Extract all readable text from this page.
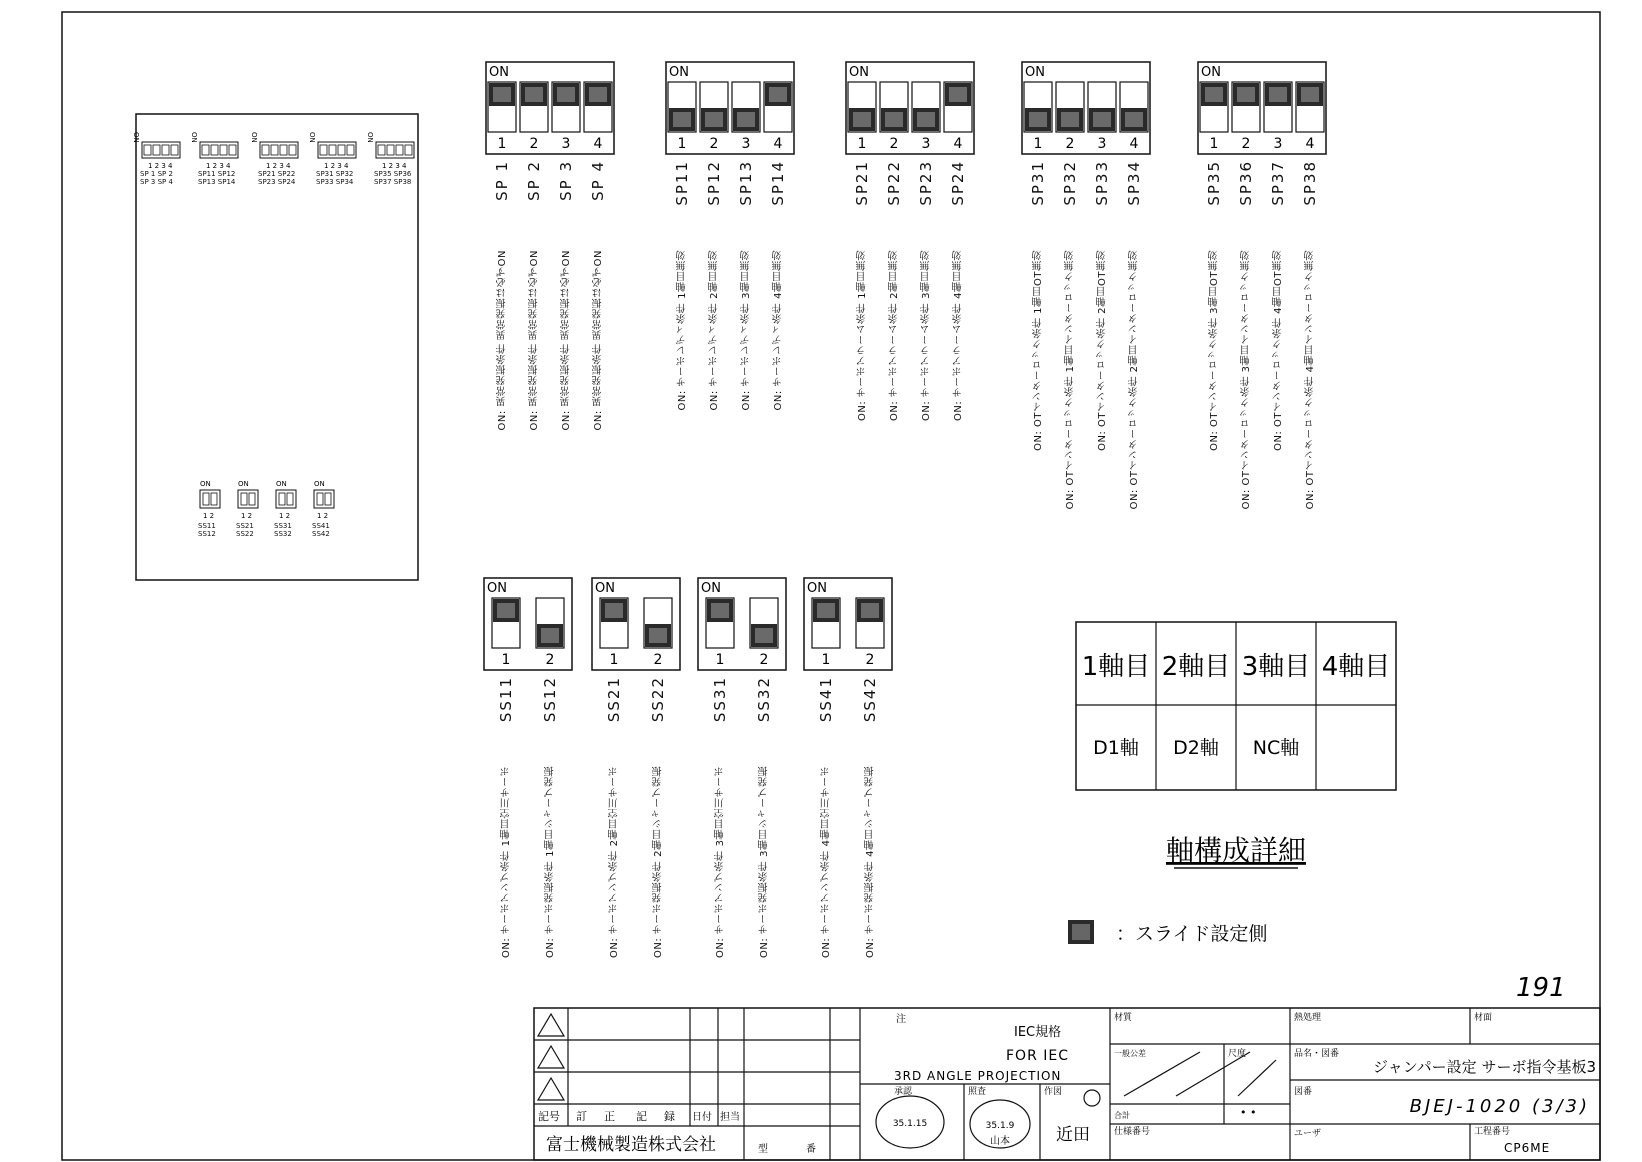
ON
1 2 3 4
ON
1 2 3 4
ON
1 2 3 4
ON
1 2 3 4
ON
1 2 3 4
ON
1 2
ON
1 2
ON
1 2
ON
1 2
ON
1 2 3 4
ON
1 2 3 4
ON
1 2 3 4
ON
1 2 3 4
ON
1 2 3 4
ON
1	2
ON
1	2
ON
1	2
ON
1	2	1軸目 2軸目 3軸目 4軸目
D1軸 D2軸 NC軸
軸構成詳細
：スライド設定側
191
記号 訂 正 記 録 日付 担当
富士機械製造株式会社	型	番
注
IEC規格
FOR IEC
3RD ANGLE PROJECTION
承認	照査	作図
35.1.15	35.1.9
山本	近田
材質	熱処理	材面
一般公差	尺度
合計	• •
仕様番号
品名・図番
ジャンパー設定 サーボ指令基板3
図番
BJEJ-1020 (3/3)
ユーザ	工程番号
CP6ME
SP 1
ON: 異常発振条件 異常発振は必ずON
SP 2
ON: 異常発振条件 異常発振は必ずON
SP 3
ON: 異常発振条件 異常発振は必ずON
SP 4
ON: 異常発振条件 異常発振は必ずON
SP11
ON: サーボレディ条件 1軸目無効
SP12
ON: サーボレディ条件 2軸目無効
SP13
ON: サーボレディ条件 3軸目無効
SP14
ON: サーボレディ条件 4軸目無効
SP21
ON: サーボアラーム条件 1軸目無効
SP22
ON: サーボアラーム条件 2軸目無効
SP23
ON: サーボアラーム条件 3軸目無効
SP24
ON: サーボアラーム条件 4軸目無効
SP31
ON: OTインターロック条件 1軸目OT無効
SP32
ON: OTインターロック条件 1軸目インターロック無効
SP33
ON: OTインターロック条件 2軸目OT無効
SP34
ON: OTインターロック条件 2軸目インターロック無効
SP35
ON: OTインターロック条件 3軸目OT無効
SP36
ON: OTインターロック条件 3軸目インターロック無効
SP37
ON: OTインターロック条件 4軸目OT無効
SP38
ON: OTインターロック条件 4軸目インターロック無効
SS11
ON: サーボアンプ条件 1軸目空川サーボ
SS12
ON: サーボ発振条件 1軸目シャープ発振
SS21
ON: サーボアンプ条件 2軸目空川サーボ
SS22
ON: サーボ発振条件 2軸目シャープ発振
SS31
ON: サーボアンプ条件 3軸目空川サーボ
SS32
ON: サーボ発振条件 3軸目シャープ発振
SS41
ON: サーボアンプ条件 4軸目空川サーボ
SS42
ON: サーボ発振条件 4軸目シャープ発振
SP 1 SP 2 SP 3 SP 4
SP11 SP12 SP13 SP14
SP21 SP22 SP23 SP24
SP31 SP32 SP33 SP34
SP35 SP36 SP37 SP38
SS11 SS12
SS21 SS22
SS31 SS32
SS41 SS42
